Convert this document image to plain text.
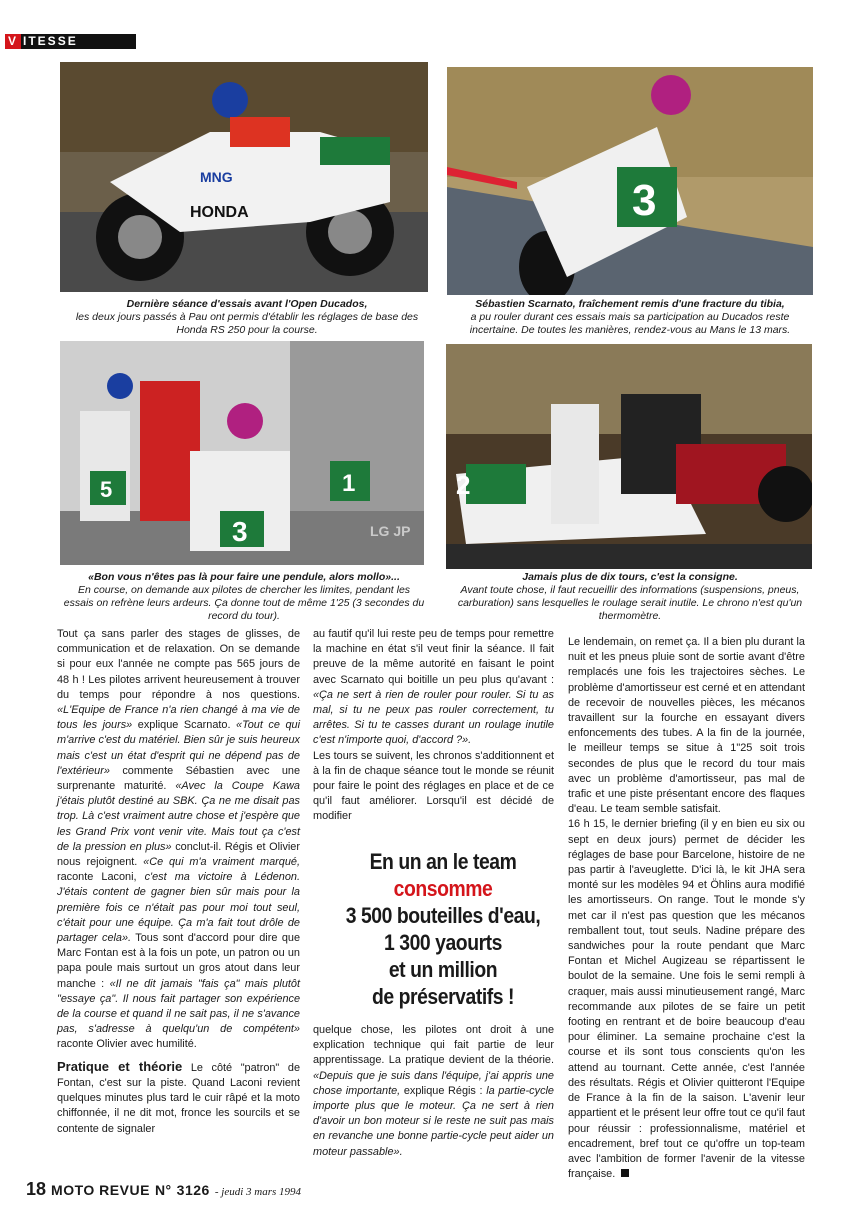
V ITESSE
HONDA
MNG	3
Dernière séance d'essais avant l'Open Ducados,
les deux jours passés à Pau ont permis d'établir les réglages de base des Honda RS 250 pour la course.
Sébastien Scarnato, fraîchement remis d'une fracture du tibia,
a pu rouler durant ces essais mais sa participation au Ducados reste incertaine. De toutes les manières, rendez-vous au Mans le 13 mars.
3
5	1
LG JP
2
«Bon vous n'êtes pas là pour faire une pendule, alors mollo»...
En course, on demande aux pilotes de chercher les limites, pendant les essais on refrène leurs ardeurs. Ça donne tout de même 1'25 (3 secondes du record du tour).
Jamais plus de dix tours, c'est la consigne.
Avant toute chose, il faut recueillir des informations (suspensions, pneus, carburation) sans lesquelles le roulage serait inutile. Le chrono n'est qu'un thermomètre.

Tout ça sans parler des stages de glisses, de communication et de relaxation. On se demande si pour eux l'année ne compte pas 565 jours de 48 h ! Les pilotes arrivent heureusement à trouver du temps pour répondre à nos questions. «L'Equipe de France n'a rien changé à ma vie de tous les jours» explique Scarnato. «Tout ce qui m'arrive c'est du matériel. Bien sûr je suis heureux mais c'est un état d'esprit qui ne dépend pas de l'extérieur» commente Sébastien avec une surprenante maturité. «Avec la Coupe Kawa j'étais plutôt destiné au SBK. Ça ne me disait pas trop. Là c'est vraiment autre chose et j'espère que les Grand Prix vont venir vite. Mais tout ça c'est de la pression en plus» conclut-il. Régis et Olivier nous rejoignent. «Ce qui m'a vraiment marqué, raconte Laconi, c'est ma victoire à Lédenon. J'étais content de gagner bien sûr mais pour la première fois ce n'était pas pour moi tout seul, c'était pour une équipe. Ça m'a fait tout drôle de partager cela». Tous sont d'accord pour dire que Marc Fontan est à la fois un pote, un patron ou un papa poule mais surtout un gros atout dans leur manche : «Il ne dit jamais "fais ça" mais plutôt "essaye ça". Il nous fait partager son expérience de la course et quand il ne sait pas, il ne s'avance pas, s'adresse à quelqu'un de compétent» raconte Olivier avec humilité.

Pratique et théorie Le côté "patron" de Fontan, c'est sur la piste. Quand Laconi revient quelques minutes plus tard le cuir râpé et la moto chiffonnée, il ne dit mot, fronce les sourcils et se contente de signaler

au fautif qu'il lui reste peu de temps pour remettre la machine en état s'il veut finir la séance. Il fait preuve de la même autorité en faisant le point avec Scarnato qui boitille un peu plus qu'avant : «Ça ne sert à rien de rouler pour rouler. Si tu as mal, si tu ne peux pas rouler correctement, tu arrêtes. Si tu te casses durant un roulage inutile c'est n'importe quoi, d'accord ?».

Les tours se suivent, les chronos s'additionnent et à la fin de chaque séance tout le monde se réunit pour faire le point des réglages en place et de ce qu'il faut améliorer. Lorsqu'il est décidé de modifier

En un an le team
consomme
3 500 bouteilles d'eau,
1 300 yaourts
et un million
de préservatifs !

quelque chose, les pilotes ont droit à une explication technique qui fait partie de leur apprentissage. La pratique devient de la théorie. «Depuis que je suis dans l'équipe, j'ai appris une chose importante, explique Régis : la partie-cycle importe plus que le moteur. Ça ne sert à rien d'avoir un bon moteur si le reste ne suit pas mais en revanche une bonne partie-cycle peut aider un moteur passable».

Le lendemain, on remet ça. Il a bien plu durant la nuit et les pneus pluie sont de sortie avant d'être remplacés une fois les trajectoires sèches. Le problème d'amortisseur est cerné et en attendant de recevoir de nouvelles pièces, les mécanos travaillent sur la fourche en essayant divers enfoncements des tubes. A la fin de la journée, le meilleur temps se situe à 1"25 soit trois secondes de plus que le record du tour mais avec un problème d'amortisseur, pas mal de trafic et une piste présentant encore des flaques d'eau. Le team semble satisfait.

16 h 15, le dernier briefing (il y en bien eu six ou sept en deux jours) permet de décider les réglages de base pour Barcelone, histoire de ne pas partir à l'aveuglette. D'ici là, le kit JHA sera monté sur les modèles 94 et Öhlins aura modifié les amortisseurs. On range. Tout le monde s'y met car il n'est pas question que les mécanos remballent tout, tout seuls. Nadine prépare des sandwiches pour la route pendant que Marc Fontan et Michel Augizeau se répartissent le boulot de la semaine. Une fois le semi rempli à craquer, mais aussi minutieusement rangé, Marc recommande aux pilotes de se faire un petit footing en rentrant et de boire beaucoup d'eau pour éliminer. La semaine prochaine c'est la course et ils sont tous conscients qu'on les attend au tournant. Cette année, c'est l'année des résultats. Régis et Olivier quitteront l'Equipe de France à la fin de la saison. L'avenir leur appartient et le présent leur offre tout ce qu'il faut pour réussir : professionnalisme, matériel et encadrement, bref tout ce qu'offre un top-team avec l'ambition de former l'avenir de la vitesse française.

18 MOTO REVUE N° 3126 - jeudi 3 mars 1994
